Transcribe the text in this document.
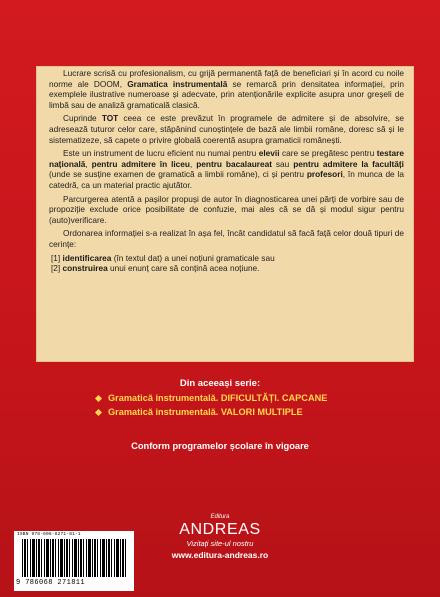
Lucrare scrisă cu profesionalism, cu grijă permanentă față de beneficiari și în acord cu noile norme ale DOOM, Gramatica instrumentală se remarcă prin densitatea informației, prin exemplele ilustrative numeroase și adecvate, prin atenționările explicite asupra unor greșeli de limbă sau de analiză gramaticală clasică.

Cuprinde TOT ceea ce este prevăzut în programele de admitere și de absolvire, se adresează tuturor celor care, stăpânind cunoștințele de bază ale limbii române, doresc să și le sistematizeze, să capete o privire globală coerentă asupra gramaticii românești.

Este un instrument de lucru eficient nu numai pentru elevii care se pregătesc pentru testare națională, pentru admitere în liceu, pentru bacalaureat sau pentru admitere la facultăți (unde se susține examen de gramatică a limbii române), ci și pentru profesori, în munca de la catedră, ca un material practic ajutător.

Parcurgerea atentă a pașilor propuși de autor în diagnosticarea unei părți de vorbire sau de propoziție exclude orice posibilitate de confuzie, mai ales că se dă și modul sigur pentru (auto)verificare.

Ordonarea informației s-a realizat în așa fel, încât candidatul să facă față celor două tipuri de cerințe:

[1] identificarea (în textul dat) a unei noțiuni gramaticale sau

[2] construirea unui enunț care să conțină acea noțiune.

Din aceeași serie:
Gramatică instrumentală. DIFICULTĂȚI. CAPCANE
Gramatică instrumentală. VALORI MULTIPLE
Conform programelor școlare în vigoare
ISBN 978-606-8271-81-1
9 786068 271811
Editura
ANDREAS
Vizitați site-ul nostru
www.editura-andreas.ro
